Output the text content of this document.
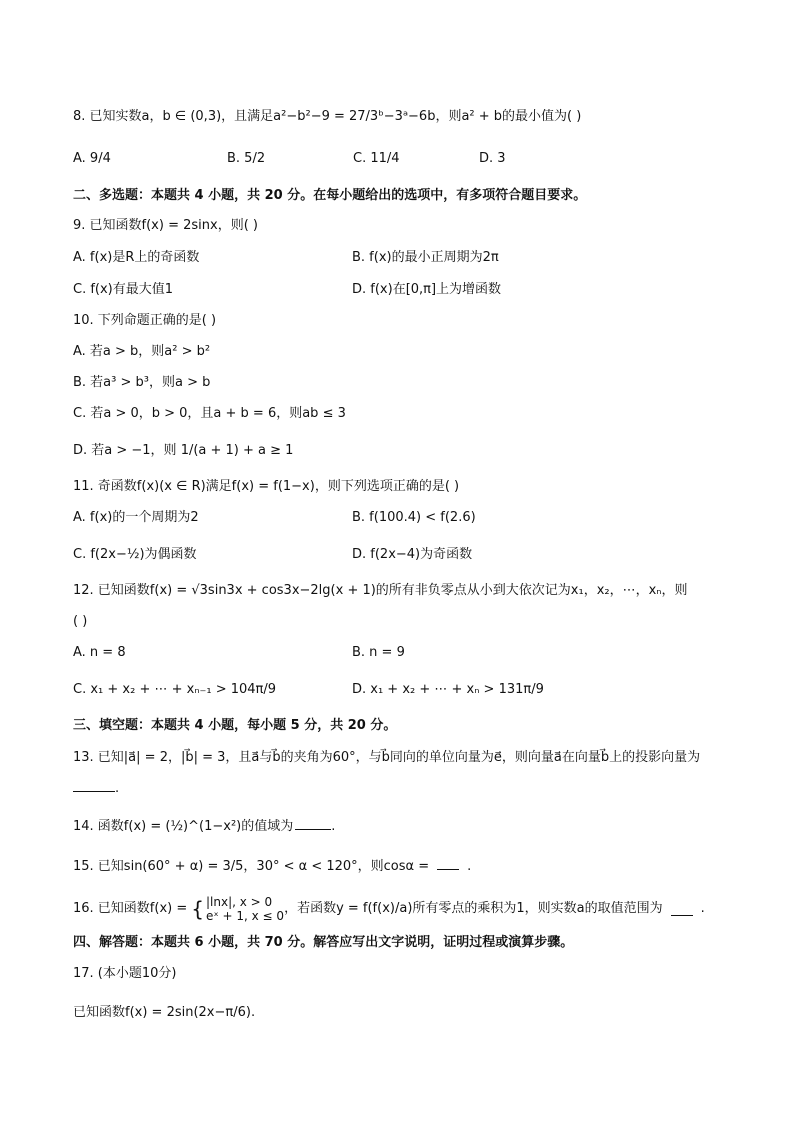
8. 已知实数a，b ∈ (0,3)，且满足a²−b²−9 = 27/3ᵇ−3ᵃ−6b，则a² + b的最小值为( )
A. 9/4	B. 5/2	C. 11/4	D. 3
二、多选题：本题共 4 小题，共 20 分。在每小题给出的选项中，有多项符合题目要求。
9. 已知函数f(x) = 2sinx，则( )
A. f(x)是R上的奇函数	B. f(x)的最小正周期为2π
C. f(x)有最大值1	D. f(x)在[0,π]上为增函数
10. 下列命题正确的是( )
A. 若a > b，则a² > b²
B. 若a³ > b³，则a > b
C. 若a > 0，b > 0，且a + b = 6，则ab ≤ 3
D. 若a > −1，则 1/(a + 1) + a ≥ 1
11. 奇函数f(x)(x ∈ R)满足f(x) = f(1−x)，则下列选项正确的是( )
A. f(x)的一个周期为2	B. f(100.4) < f(2.6)
C. f(2x−½)为偶函数	D. f(2x−4)为奇函数
12. 已知函数f(x) = √3sin3x + cos3x−2lg(x + 1)的所有非负零点从小到大依次记为x₁，x₂，⋯，xₙ，则
( )
A. n = 8	B. n = 9
C. x₁ + x₂ + ⋯ + xₙ₋₁ > 104π/9	D. x₁ + x₂ + ⋯ + xₙ > 131π/9
三、填空题：本题共 4 小题，每小题 5 分，共 20 分。
13. 已知|a⃗| = 2，|b⃗| = 3，且a⃗与b⃗的夹角为60°，与b⃗同向的单位向量为e⃗，则向量a⃗在向量b⃗上的投影向量为
.
14. 函数f(x) = (½)^(1−x²)的值域为	.
15. 已知sin(60° + α) = 3/5，30° < α < 120°，则cosα =	.
16. 已知函数f(x) = { |lnx|, x > 0
eˣ + 1, x ≤ 0 ，若函数y = f(f(x)/a)所有零点的乘积为1，则实数a的取值范围为	.
四、解答题：本题共 6 小题，共 70 分。解答应写出文字说明，证明过程或演算步骤。
17. (本小题10分)
已知函数f(x) = 2sin(2x−π/6).
